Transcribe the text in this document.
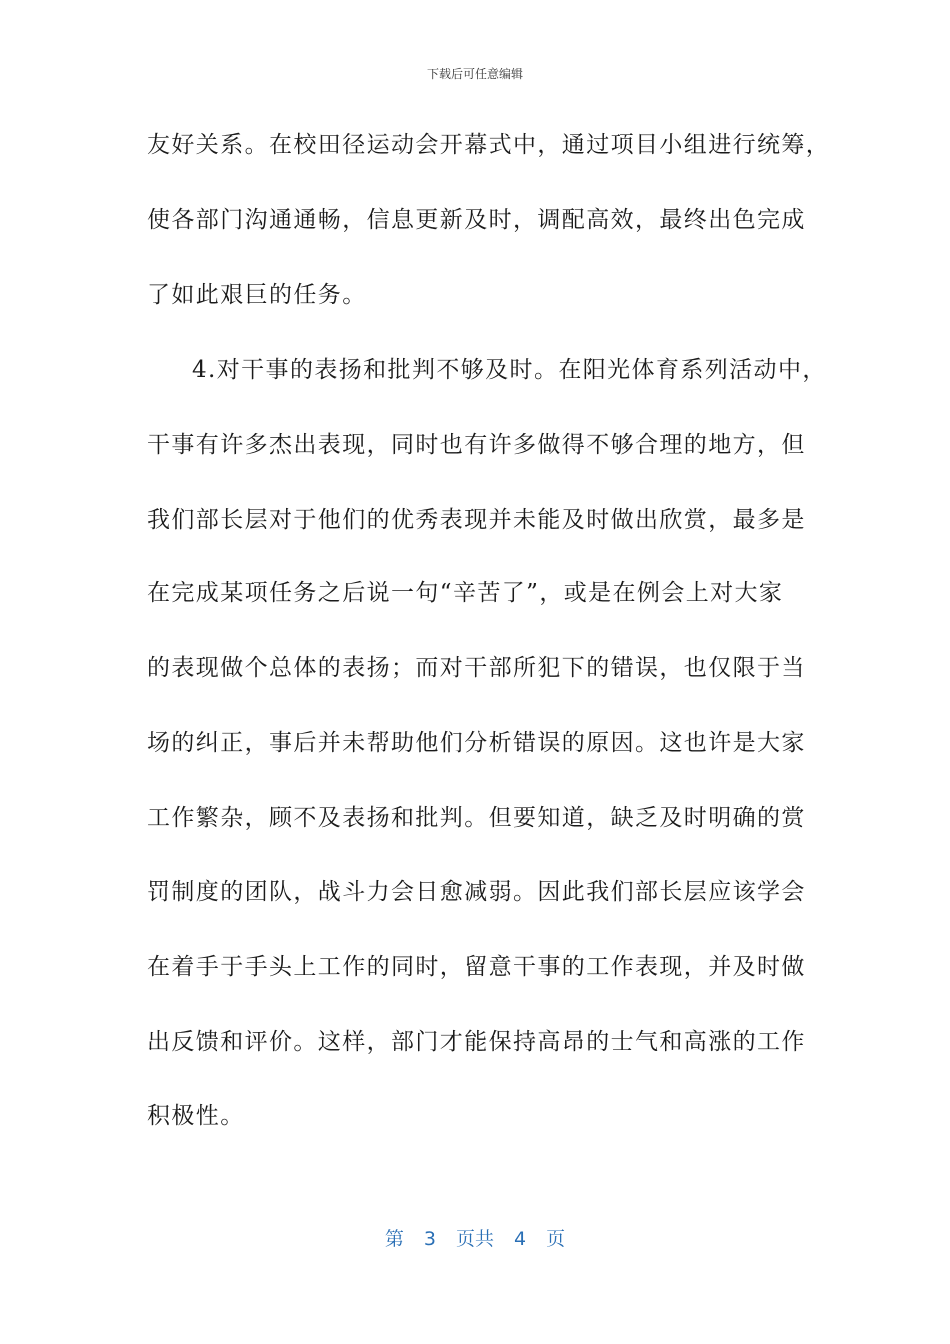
下载后可任意编辑
友好关系。在校田径运动会开幕式中，通过项目小组进行统筹，
使各部门沟通通畅，信息更新及时，调配高效，最终出色完成
了如此艰巨的任务。
4.对干事的表扬和批判不够及时。在阳光体育系列活动中，
干事有许多杰出表现，同时也有许多做得不够合理的地方，但
我们部长层对于他们的优秀表现并未能及时做出欣赏，最多是
在完成某项任务之后说一句“辛苦了”，或是在例会上对大家
的表现做个总体的表扬；而对干部所犯下的错误，也仅限于当
场的纠正，事后并未帮助他们分析错误的原因。这也许是大家
工作繁杂，顾不及表扬和批判。但要知道，缺乏及时明确的赏
罚制度的团队，战斗力会日愈减弱。因此我们部长层应该学会
在着手于手头上工作的同时，留意干事的工作表现，并及时做
出反馈和评价。这样，部门才能保持高昂的士气和高涨的工作
积极性。
第 3 页共 4 页
